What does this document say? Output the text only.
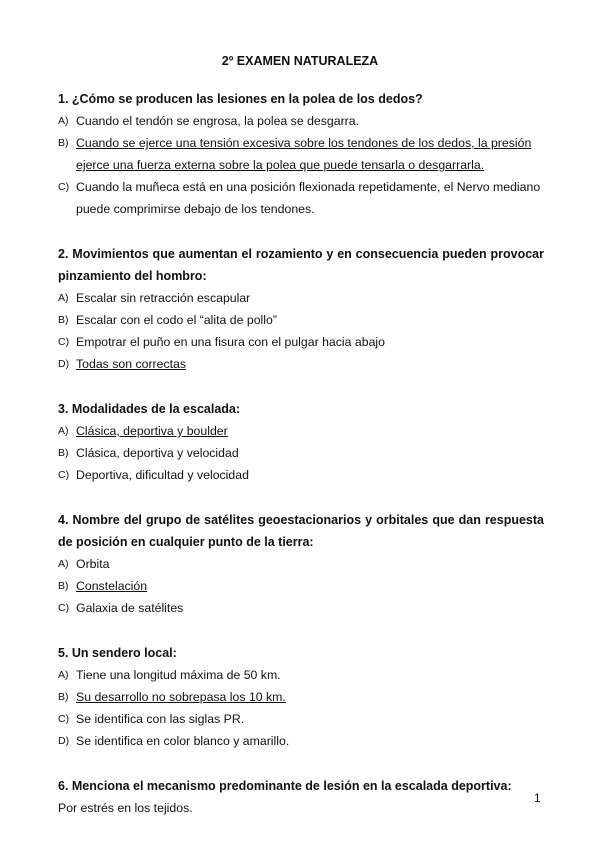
2º EXAMEN NATURALEZA
1. ¿Cómo se producen las lesiones en la polea de los dedos?
A) Cuando el tendón se engrosa, la polea se desgarra.
B) Cuando se ejerce una tensión excesiva sobre los tendones de los dedos, la presión ejerce una fuerza externa sobre la polea que puede tensarla o desgarrarla.
C) Cuando la muñeca está en una posición flexionada repetidamente, el Nervo mediano puede comprimirse debajo de los tendones.
2. Movimientos que aumentan el rozamiento y en consecuencia pueden provocar pinzamiento del hombro:
A) Escalar sin retracción escapular
B) Escalar con el codo el “alita de pollo”
C) Empotrar el puño en una fisura con el pulgar hacia abajo
D) Todas son correctas
3. Modalidades de la escalada:
A) Clásica, deportiva y boulder
B) Clásica, deportiva y velocidad
C) Deportiva, dificultad y velocidad
4. Nombre del grupo de satélites geoestacionarios y orbitales que dan respuesta de posición en cualquier punto de la tierra:
A) Orbita
B) Constelación
C) Galaxia de satélites
5. Un sendero local:
A) Tiene una longitud máxima de 50 km.
B) Su desarrollo no sobrepasa los 10 km.
C) Se identifica con las siglas PR.
D) Se identifica en color blanco y amarillo.
6. Menciona el mecanismo predominante de lesión en la escalada deportiva:
Por estrés en los tejidos.
1
